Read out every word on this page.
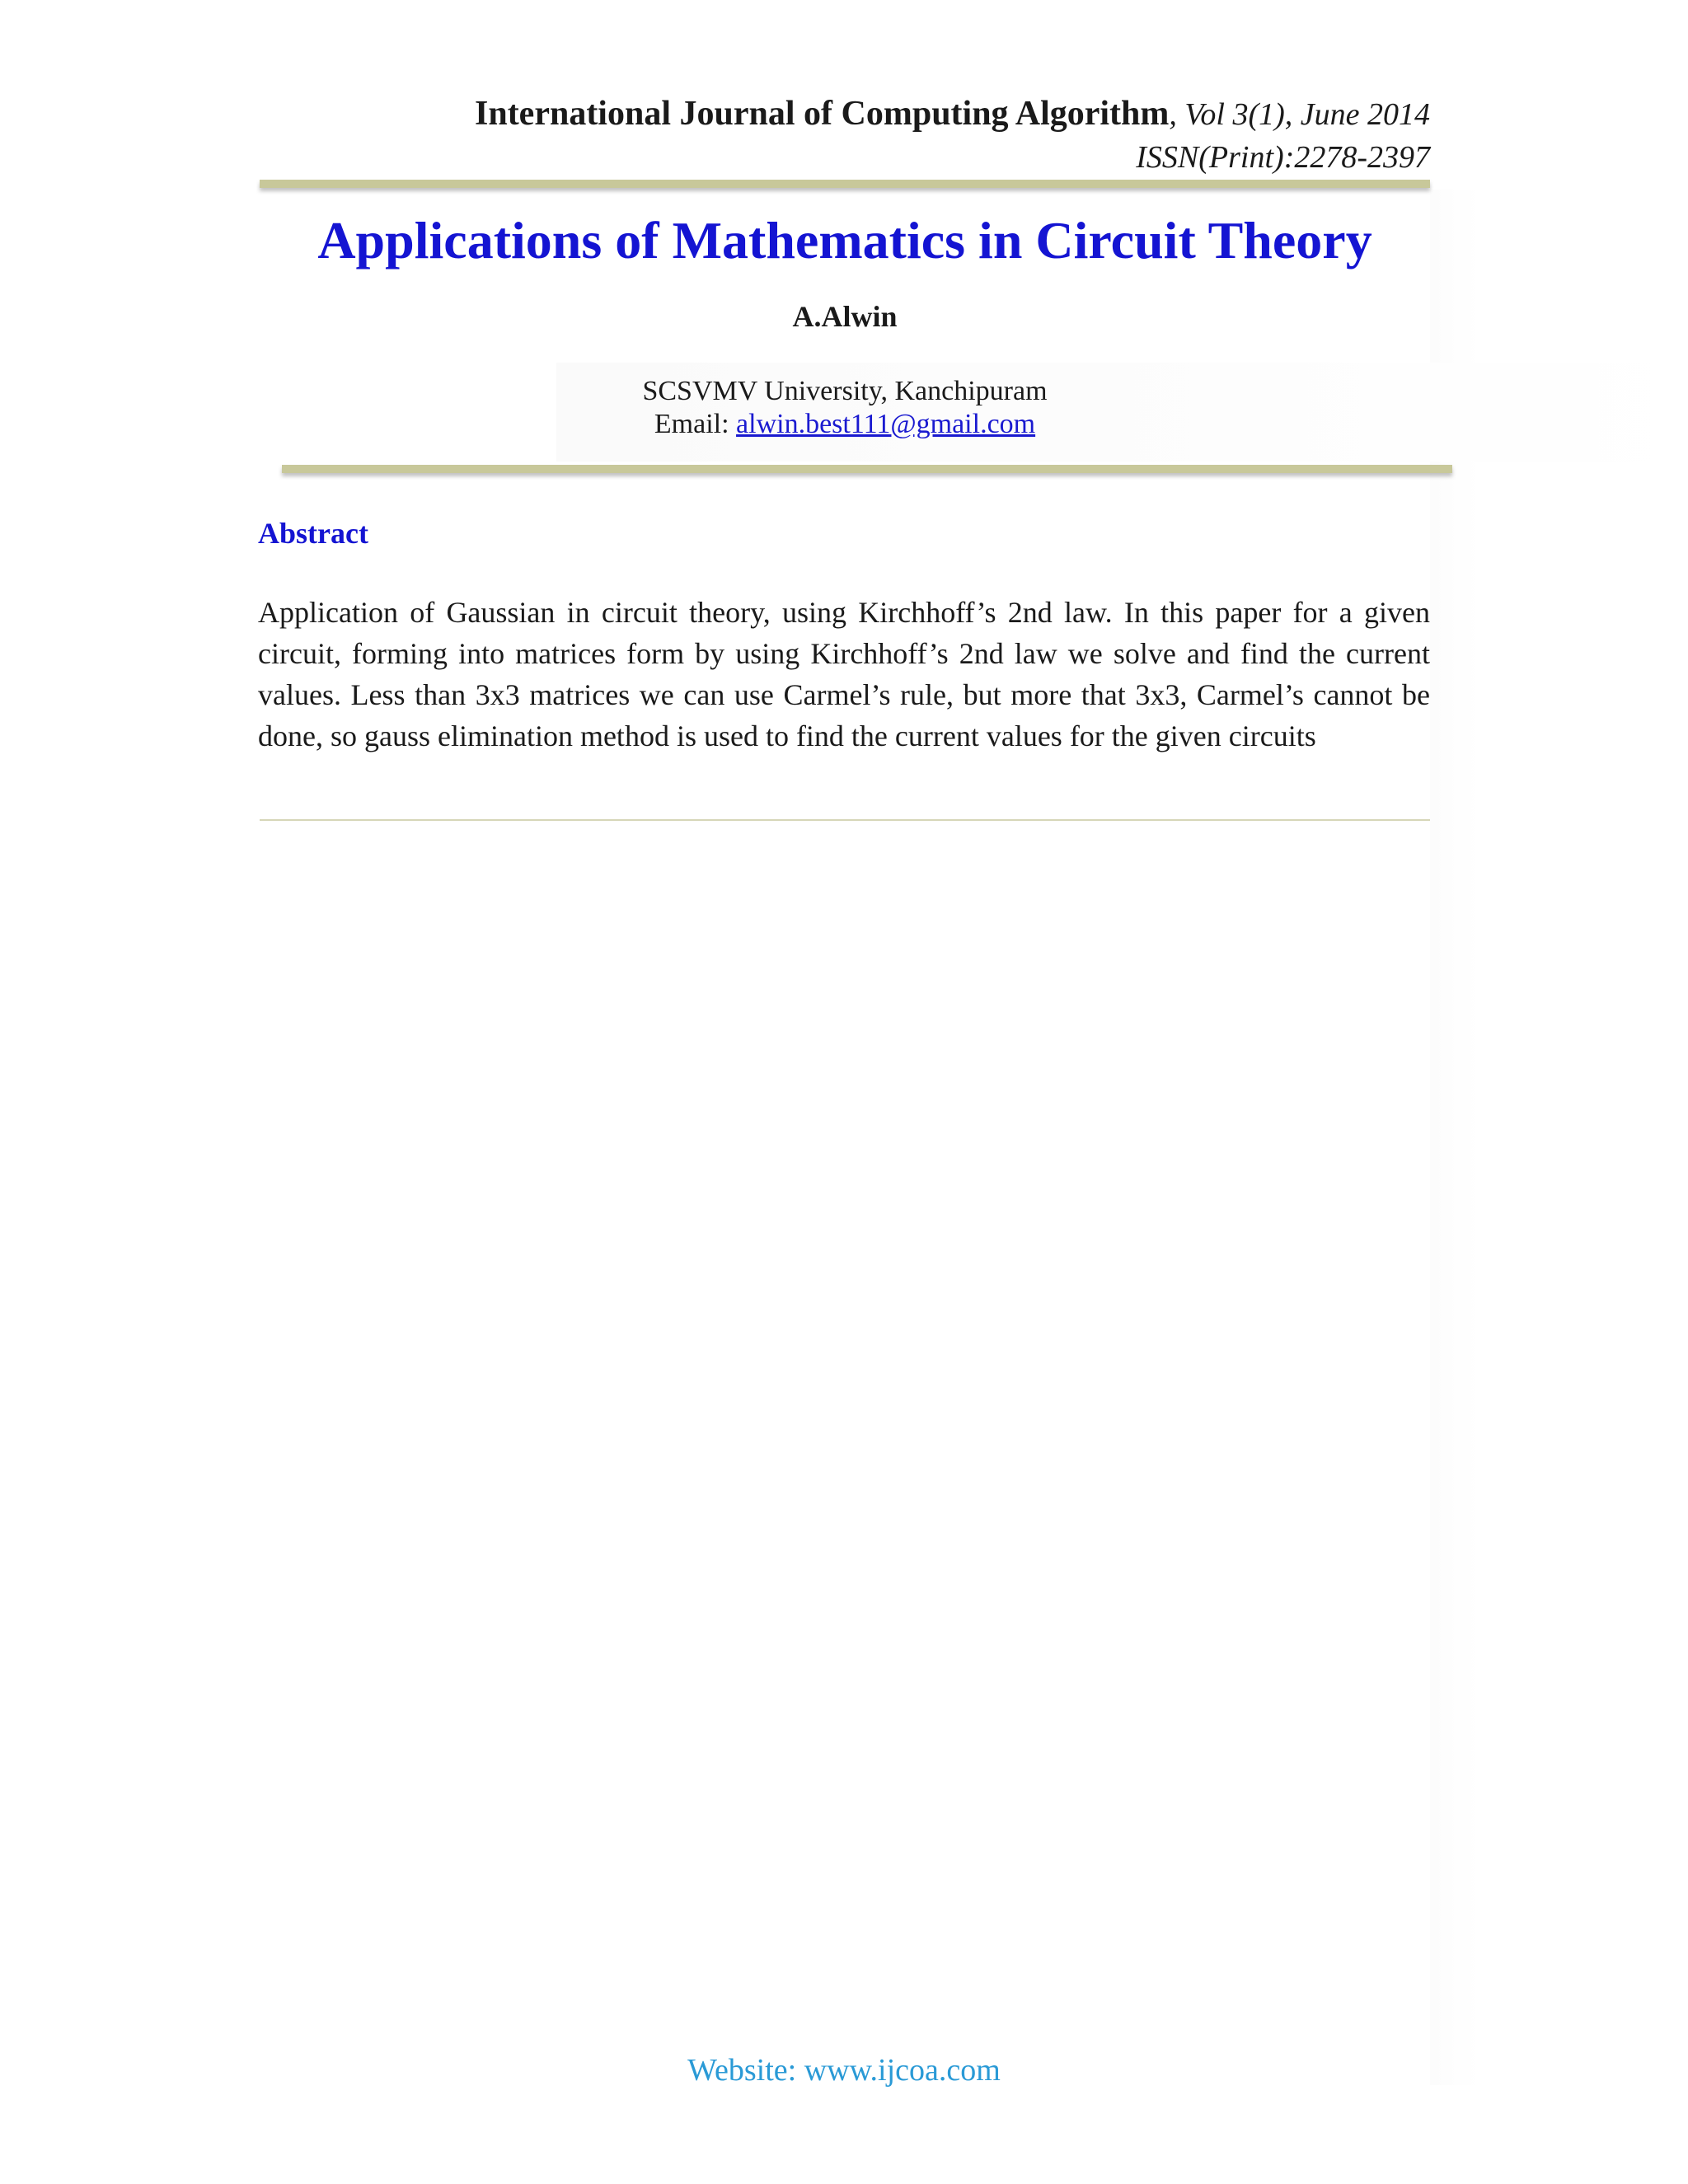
International Journal of Computing Algorithm, Vol 3(1), June 2014
ISSN(Print):2278-2397
Applications of Mathematics in Circuit Theory
A.Alwin
SCSVMV University, Kanchipuram
Email: alwin.best111@gmail.com
Abstract
Application of Gaussian in circuit theory, using Kirchhoff’s 2nd law. In this paper for a given circuit, forming into matrices form by using Kirchhoff’s 2nd law we solve and find the current values. Less than 3x3 matrices we can use Carmel’s rule, but more that 3x3, Carmel’s cannot be done, so gauss elimination method is used to find the current values for the given circuits
Website: www.ijcoa.com
